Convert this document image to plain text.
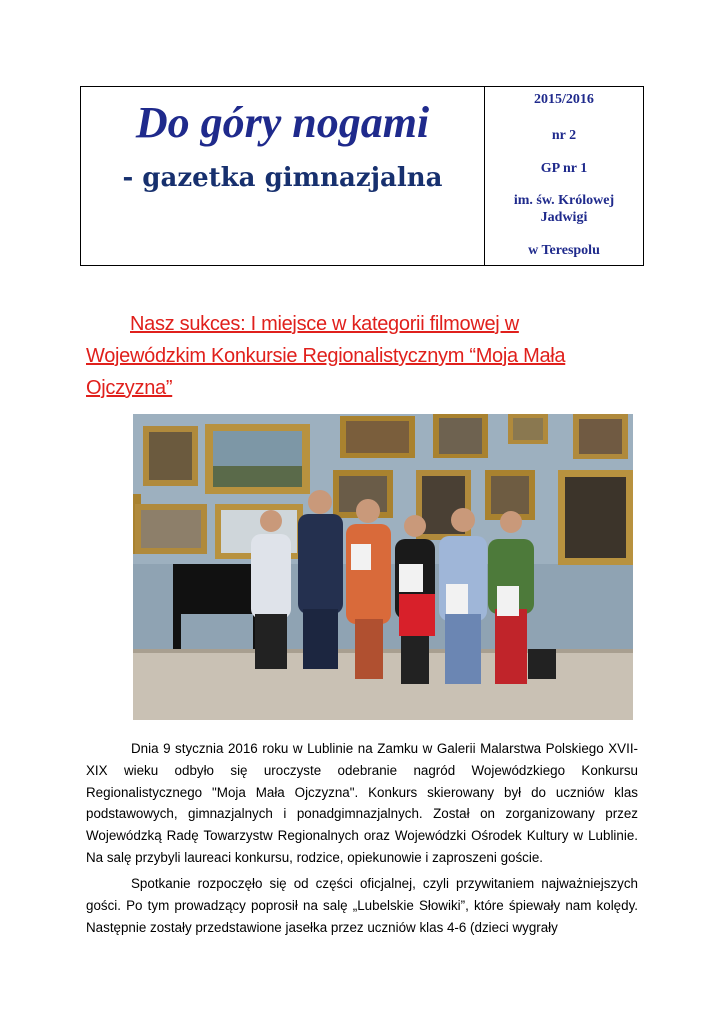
Do góry nogami
- gazetka gimnazjalna
2015/2016
nr 2
GP nr 1
im. św. Królowej
Jadwigi
w Terespolu
Nasz sukces: I miejsce w kategorii filmowej w
Wojewódzkim Konkursie Regionalistycznym “Moja Mała
Ojczyzna”
Dnia 9 stycznia 2016 roku w Lublinie na Zamku w Galerii Malarstwa Polskiego XVII-XIX wieku odbyło się uroczyste odebranie nagród Wojewódzkiego Konkursu Regionalistycznego "Moja Mała Ojczyzna". Konkurs skierowany był do uczniów klas podstawowych, gimnazjalnych i ponadgimnazjalnych. Został on zorganizowany przez Wojewódzką Radę Towarzystw Regionalnych oraz Wojewódzki Ośrodek Kultury w Lublinie. Na salę przybyli laureaci konkursu, rodzice, opiekunowie i zaproszeni goście.
Spotkanie rozpoczęło się od części oficjalnej, czyli przywitaniem najważniejszych gości. Po tym prowadzący poprosił na salę „Lubelskie Słowiki”, które śpiewały nam kolędy. Następnie zostały przedstawione jasełka przez uczniów klas 4-6 (dzieci wygrały
